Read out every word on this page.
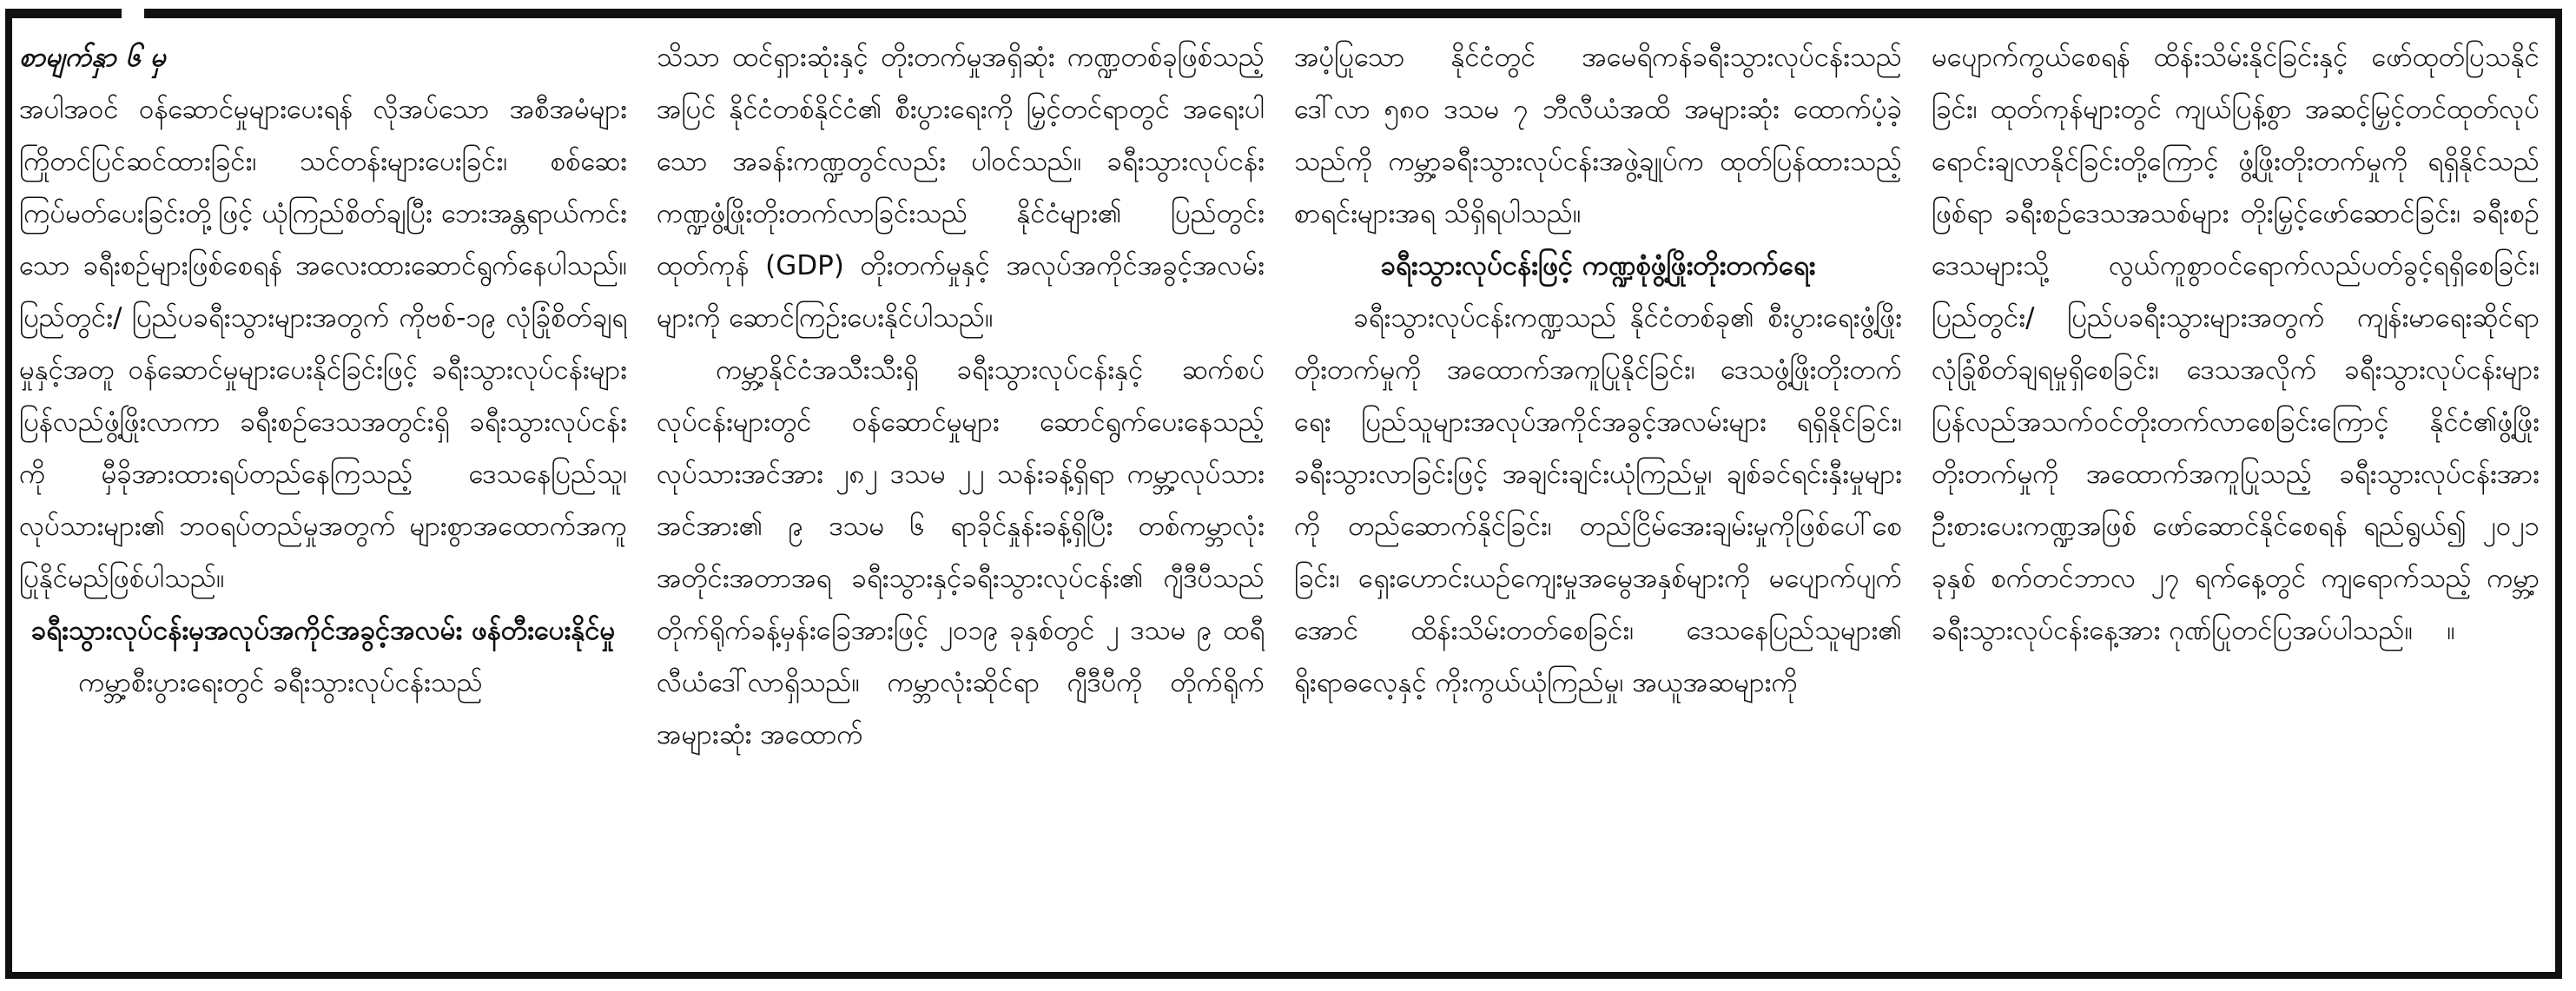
စာမျက်နှာ ၆ မှ

အပါအဝင် ဝန်ဆောင်မှုများပေးရန် လိုအပ်သော အစီအမံများ ကြိုတင်ပြင်ဆင်ထားခြင်း၊ သင်တန်းများပေးခြင်း၊ စစ်ဆေးကြပ်မတ်ပေးခြင်းတို့ဖြင့် ယုံကြည်စိတ်ချပြီး ဘေးအန္တရာယ်ကင်းသော ခရီးစဉ်များဖြစ်စေရန် အလေးထားဆောင်ရွက်နေပါသည်။ ပြည်တွင်း/ ပြည်ပခရီးသွားများအတွက် ကိုဗစ်-၁၉ လုံခြုံစိတ်ချရမှုနှင့်အတူ ဝန်ဆောင်မှုများပေးနိုင်ခြင်းဖြင့် ခရီးသွားလုပ်ငန်းများ ပြန်လည်ဖွံ့ဖြိုးလာကာ ခရီးစဉ်ဒေသအတွင်းရှိ ခရီးသွားလုပ်ငန်းကို မှီခိုအားထားရပ်တည်နေကြသည့် ဒေသနေပြည်သူ၊ လုပ်သားများ၏ ဘဝရပ်တည်မှုအတွက် များစွာအထောက်အကူပြုနိုင်မည်ဖြစ်ပါသည်။

ခရီးသွားလုပ်ငန်းမှအလုပ်အကိုင်အခွင့်အလမ်း ဖန်တီးပေးနိုင်မှု

ကမ္ဘာ့စီးပွားရေးတွင် ခရီးသွားလုပ်ငန်းသည်

သိသာ ထင်ရှားဆုံးနှင့် တိုးတက်မှုအရှိဆုံး ကဏ္ဍတစ်ခုဖြစ်သည့်အပြင် နိုင်ငံတစ်နိုင်ငံ၏ စီးပွားရေးကို မြှင့်တင်ရာတွင် အရေးပါသော အခန်းကဏ္ဍတွင်လည်း ပါဝင်သည်။ ခရီးသွားလုပ်ငန်းကဏ္ဍဖွံ့ဖြိုးတိုးတက်လာခြင်းသည် နိုင်ငံများ၏ ပြည်တွင်းထုတ်ကုန် (GDP) တိုးတက်မှုနှင့် အလုပ်အကိုင်အခွင့်အလမ်းများကို ဆောင်ကြဉ်းပေးနိုင်ပါသည်။

ကမ္ဘာ့နိုင်ငံအသီးသီးရှိ ခရီးသွားလုပ်ငန်းနှင့် ဆက်စပ်လုပ်ငန်းများတွင် ဝန်ဆောင်မှုများ ဆောင်ရွက်ပေးနေသည့် လုပ်သားအင်အား ၂၈၂ ဒသမ ၂၂ သန်းခန့်ရှိရာ ကမ္ဘာ့လုပ်သားအင်အား၏ ၉ ဒသမ ၆ ရာခိုင်နှုန်းခန့်ရှိပြီး တစ်ကမ္ဘာလုံးအတိုင်းအတာအရ ခရီးသွားနှင့်ခရီးသွားလုပ်ငန်း၏ ဂျီဒီပီသည် တိုက်ရိုက်ခန့်မှန်းခြေအားဖြင့် ၂၀၁၉ ခုနှစ်တွင် ၂ ဒသမ ၉ ထရီလီယံဒေါ်လာရှိသည်။ ကမ္ဘာလုံးဆိုင်ရာ ဂျီဒီပီကို တိုက်ရိုက်အများဆုံး အထောက်

အပံ့ပြုသော နိုင်ငံတွင် အမေရိကန်ခရီးသွားလုပ်ငန်းသည် ဒေါ်လာ ၅၈၀ ဒသမ ၇ ဘီလီယံအထိ အများဆုံး ထောက်ပံ့ခဲ့သည်ကို ကမ္ဘာ့ခရီးသွားလုပ်ငန်းအဖွဲ့ချုပ်က ထုတ်ပြန်ထားသည့် စာရင်းများအရ သိရှိရပါသည်။

ခရီးသွားလုပ်ငန်းဖြင့် ကဏ္ဍစုံဖွံ့ဖြိုးတိုးတက်ရေး

ခရီးသွားလုပ်ငန်းကဏ္ဍသည် နိုင်ငံတစ်ခု၏ စီးပွားရေးဖွံ့ဖြိုးတိုးတက်မှုကို အထောက်အကူပြုနိုင်ခြင်း၊ ဒေသဖွံ့ဖြိုးတိုးတက်ရေး ပြည်သူများအလုပ်အကိုင်အခွင့်အလမ်းများ ရရှိနိုင်ခြင်း၊ ခရီးသွားလာခြင်းဖြင့် အချင်းချင်းယုံကြည်မှု၊ ချစ်ခင်ရင်းနှီးမှုများကို တည်ဆောက်နိုင်ခြင်း၊ တည်ငြိမ်အေးချမ်းမှုကိုဖြစ်ပေါ်စေခြင်း၊ ရှေးဟောင်းယဉ်ကျေးမှုအမွေအနှစ်များကို မပျောက်ပျက်အောင် ထိန်းသိမ်းတတ်စေခြင်း၊ ဒေသနေပြည်သူများ၏ ရိုးရာဓလေ့နှင့် ကိုးကွယ်ယုံကြည်မှု၊ အယူအဆများကို

မပျောက်ကွယ်စေရန် ထိန်းသိမ်းနိုင်ခြင်းနှင့် ဖော်ထုတ်ပြသနိုင်ခြင်း၊ ထုတ်ကုန်များတွင် ကျယ်ပြန့်စွာ အဆင့်မြှင့်တင်ထုတ်လုပ်ရောင်းချလာနိုင်ခြင်းတို့ကြောင့် ဖွံ့ဖြိုးတိုးတက်မှုကို ရရှိနိုင်သည်ဖြစ်ရာ ခရီးစဉ်ဒေသအသစ်များ တိုးမြှင့်ဖော်ဆောင်ခြင်း၊ ခရီးစဉ်ဒေသများသို့ လွယ်ကူစွာဝင်ရောက်လည်ပတ်ခွင့်ရရှိစေခြင်း၊ ပြည်တွင်း/ ပြည်ပခရီးသွားများအတွက် ကျန်းမာရေးဆိုင်ရာ လုံခြုံစိတ်ချရမှုရှိစေခြင်း၊ ဒေသအလိုက် ခရီးသွားလုပ်ငန်းများ ပြန်လည်အသက်ဝင်တိုးတက်လာစေခြင်းကြောင့် နိုင်ငံ၏ဖွံ့ဖြိုးတိုးတက်မှုကို အထောက်အကူပြုသည့် ခရီးသွားလုပ်ငန်းအား ဦးစားပေးကဏ္ဍအဖြစ် ဖော်ဆောင်နိုင်စေရန် ရည်ရွယ်၍ ၂၀၂၁ ခုနှစ် စက်တင်ဘာလ ၂၇ ရက်နေ့တွင် ကျရောက်သည့် ကမ္ဘာ့ခရီးသွားလုပ်ငန်းနေ့အား ဂုဏ်ပြုတင်ပြအပ်ပါသည်။ ။
